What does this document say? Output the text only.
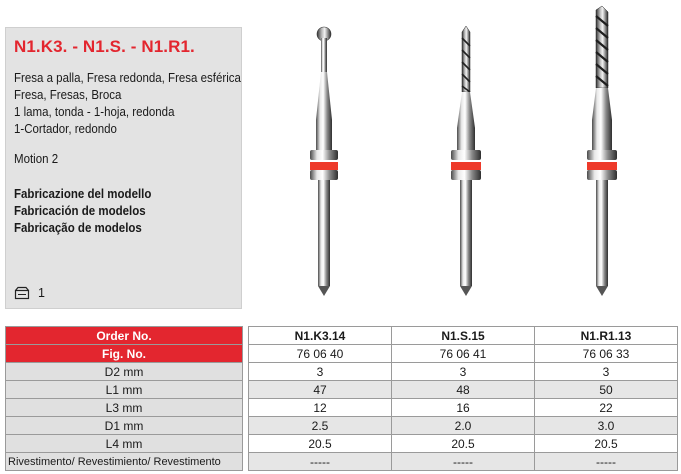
N1.K3. - N1.S. - N1.R1.
Fresa a palla, Fresa redonda, Fresa esférica
Fresa, Fresas, Broca
1 lama, tonda - 1-hoja, redonda
1-Cortador, redondo
Motion 2
Fabricazione del modello
Fabricación de modelos
Fabricação de modelos
1
Order No.		N1.K3.14	N1.S.15	N1.R1.13
Fig. No.		76 06 40	76 06 41	76 06 33
D2 mm		3	3	3
L1 mm		47	48	50
L3 mm		12	16	22
D1 mm		2.5	2.0	3.0
L4 mm		20.5	20.5	20.5
Rivestimento/ Revestimiento/ Revestimento		-----	-----	-----
